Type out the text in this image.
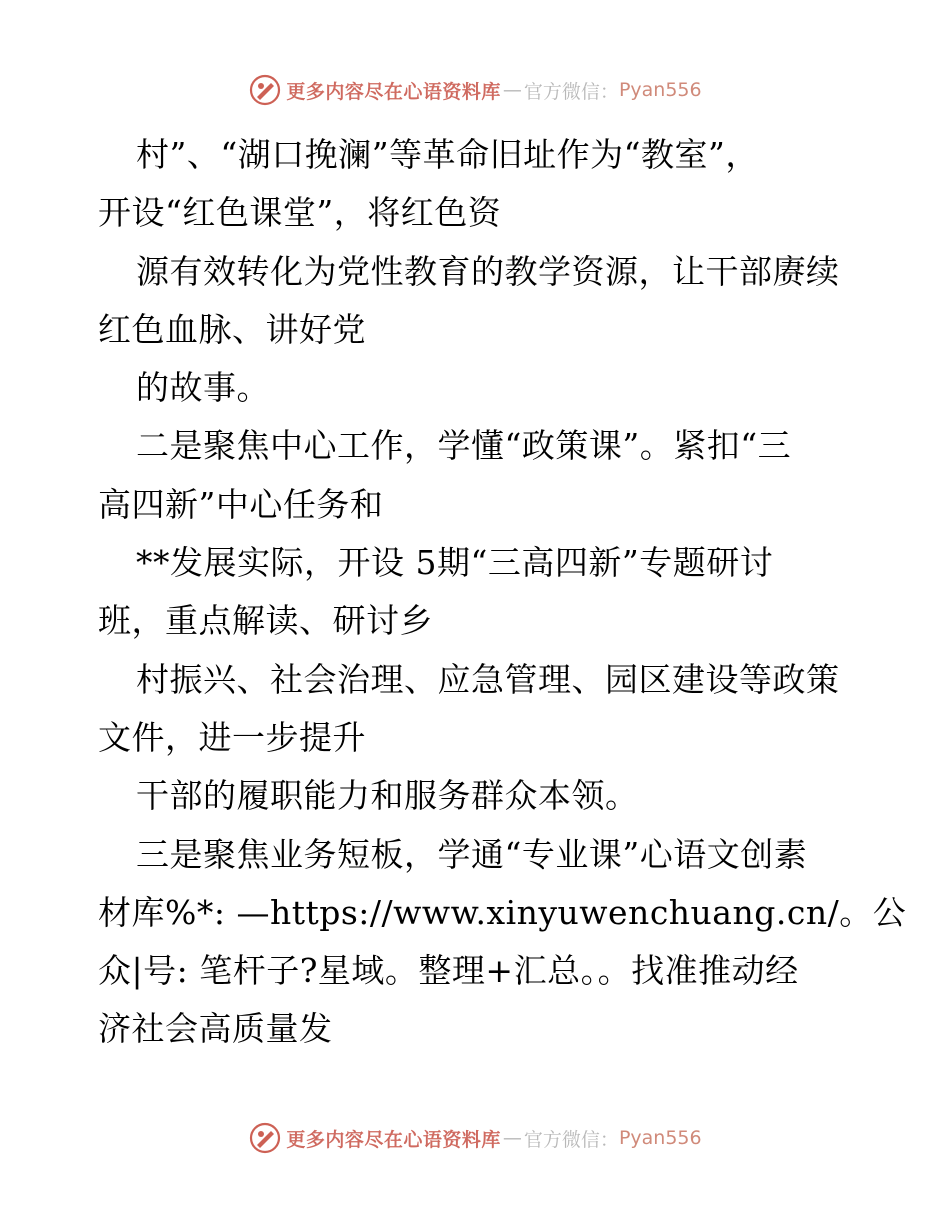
更多内容尽在心语资料库 — 官方微信： Pyan556
村”、“湖口挽澜”等革命旧址作为“教室”，
开设“红色课堂”，将红色资
源有效转化为党性教育的教学资源，让干部赓续
红色血脉、讲好党
的故事。
二是聚焦中心工作，学懂“政策课”。紧扣“三
高四新”中心任务和
**发展实际，开设 5期“三高四新”专题研讨
班，重点解读、研讨乡
村振兴、社会治理、应急管理、园区建设等政策
文件，进一步提升
干部的履职能力和服务群众本领。
三是聚焦业务短板，学通“专业课”心语文创素
材库%*: —https://www.xinyuwenchuang.cn/。公
众|号: 笔杆子?星域。整理+汇总。。找准推动经
济社会高质量发
更多内容尽在心语资料库 — 官方微信： Pyan556
